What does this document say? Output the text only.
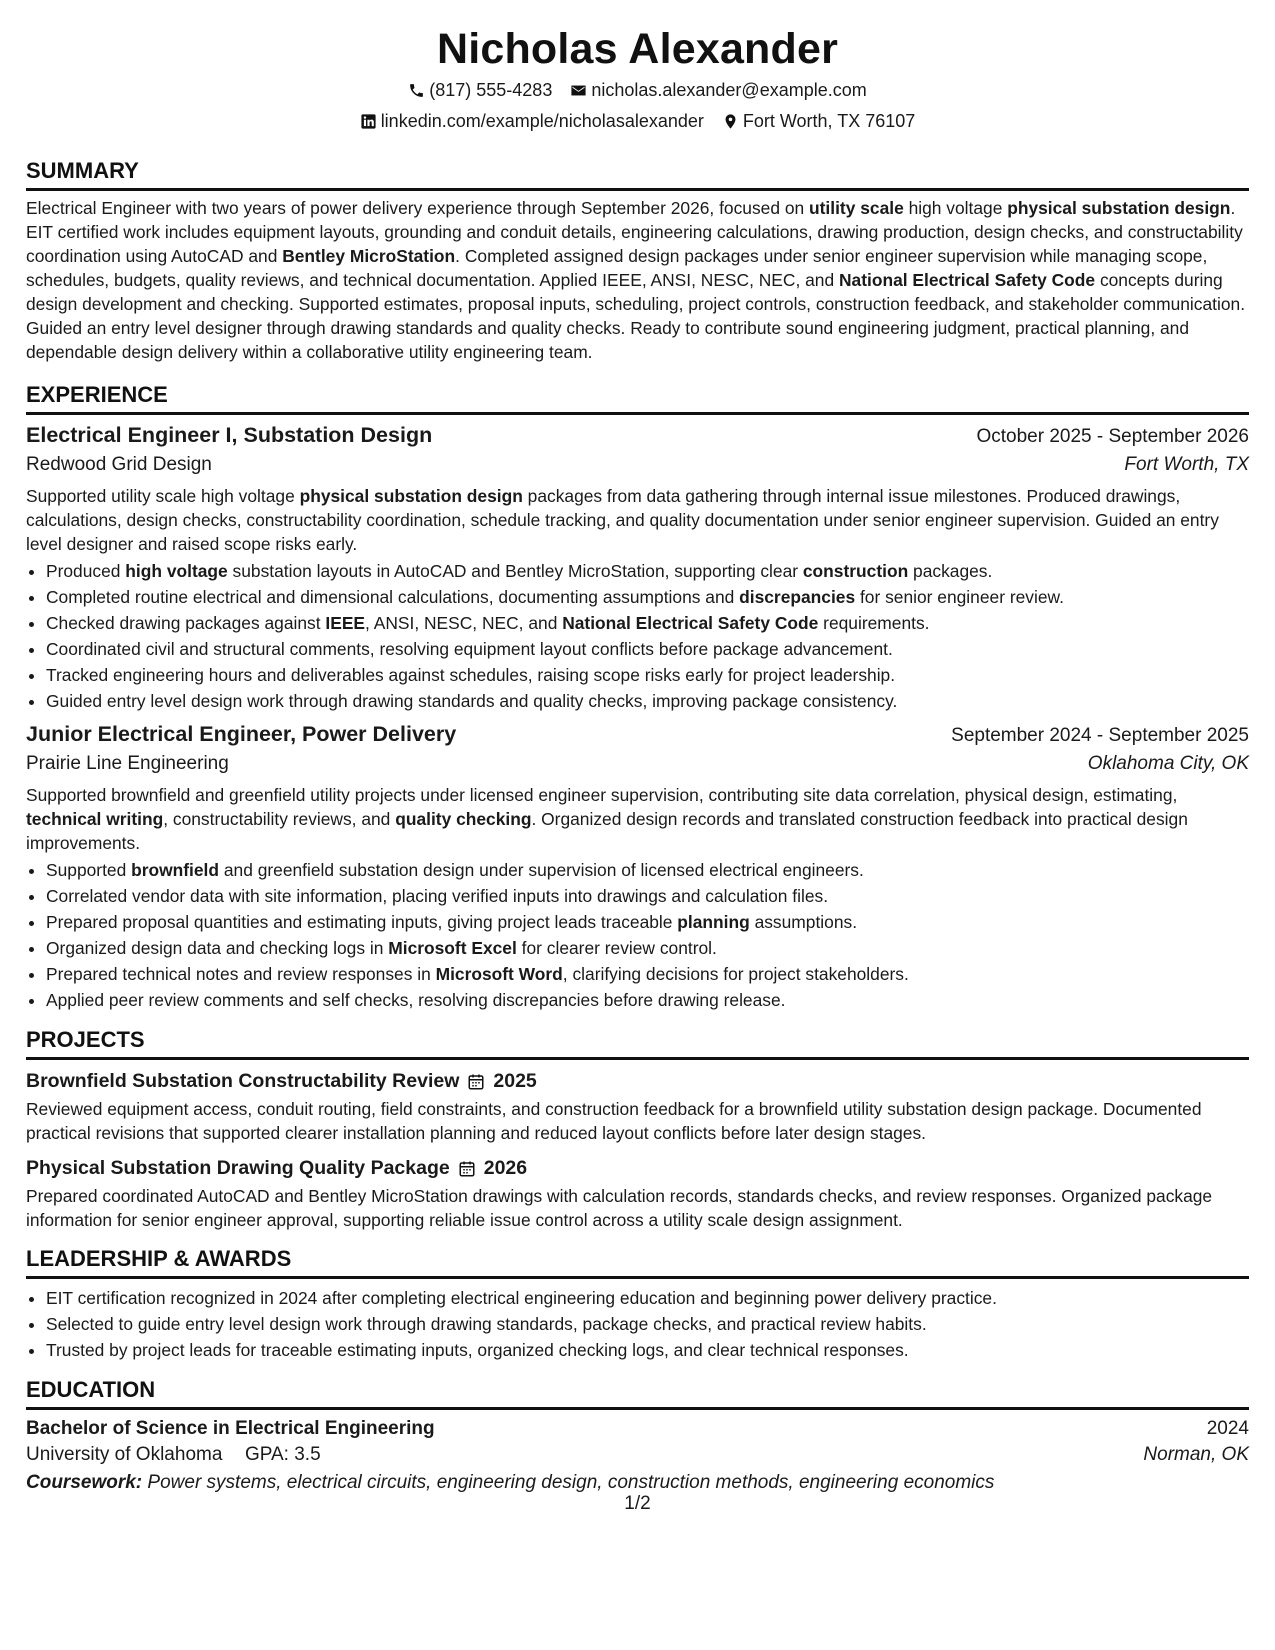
Nicholas Alexander
(817) 555-4283 nicholas.alexander@example.com
linkedin.com/example/nicholasalexander Fort Worth, TX 76107
SUMMARY
Electrical Engineer with two years of power delivery experience through September 2026, focused on utility scale high voltage physical substation design. EIT certified work includes equipment layouts, grounding and conduit details, engineering calculations, drawing production, design checks, and constructability coordination using AutoCAD and Bentley MicroStation. Completed assigned design packages under senior engineer supervision while managing scope, schedules, budgets, quality reviews, and technical documentation. Applied IEEE, ANSI, NESC, NEC, and National Electrical Safety Code concepts during design development and checking. Supported estimates, proposal inputs, scheduling, project controls, construction feedback, and stakeholder communication. Guided an entry level designer through drawing standards and quality checks. Ready to contribute sound engineering judgment, practical planning, and dependable design delivery within a collaborative utility engineering team.
EXPERIENCE
Electrical Engineer I, Substation Design	October 2025 - September 2026
Redwood Grid Design	Fort Worth, TX
Supported utility scale high voltage physical substation design packages from data gathering through internal issue milestones. Produced drawings, calculations, design checks, constructability coordination, schedule tracking, and quality documentation under senior engineer supervision. Guided an entry level designer and raised scope risks early.
• Produced high voltage substation layouts in AutoCAD and Bentley MicroStation, supporting clear construction packages.
• Completed routine electrical and dimensional calculations, documenting assumptions and discrepancies for senior engineer review.
• Checked drawing packages against IEEE, ANSI, NESC, NEC, and National Electrical Safety Code requirements.
• Coordinated civil and structural comments, resolving equipment layout conflicts before package advancement.
• Tracked engineering hours and deliverables against schedules, raising scope risks early for project leadership.
• Guided entry level design work through drawing standards and quality checks, improving package consistency.
Junior Electrical Engineer, Power Delivery	September 2024 - September 2025
Prairie Line Engineering	Oklahoma City, OK
Supported brownfield and greenfield utility projects under licensed engineer supervision, contributing site data correlation, physical design, estimating, technical writing, constructability reviews, and quality checking. Organized design records and translated construction feedback into practical design improvements.
• Supported brownfield and greenfield substation design under supervision of licensed electrical engineers.
• Correlated vendor data with site information, placing verified inputs into drawings and calculation files.
• Prepared proposal quantities and estimating inputs, giving project leads traceable planning assumptions.
• Organized design data and checking logs in Microsoft Excel for clearer review control.
• Prepared technical notes and review responses in Microsoft Word, clarifying decisions for project stakeholders.
• Applied peer review comments and self checks, resolving discrepancies before drawing release.
PROJECTS
Brownfield Substation Constructability Review 2025
Reviewed equipment access, conduit routing, field constraints, and construction feedback for a brownfield utility substation design package. Documented practical revisions that supported clearer installation planning and reduced layout conflicts before later design stages.
Physical Substation Drawing Quality Package 2026
Prepared coordinated AutoCAD and Bentley MicroStation drawings with calculation records, standards checks, and review responses. Organized package information for senior engineer approval, supporting reliable issue control across a utility scale design assignment.
LEADERSHIP & AWARDS
• EIT certification recognized in 2024 after completing electrical engineering education and beginning power delivery practice.
• Selected to guide entry level design work through drawing standards, package checks, and practical review habits.
• Trusted by project leads for traceable estimating inputs, organized checking logs, and clear technical responses.
EDUCATION
Bachelor of Science in Electrical Engineering	2024
University of Oklahoma GPA: 3.5	Norman, OK
Coursework: Power systems, electrical circuits, engineering design, construction methods, engineering economics
1/2
